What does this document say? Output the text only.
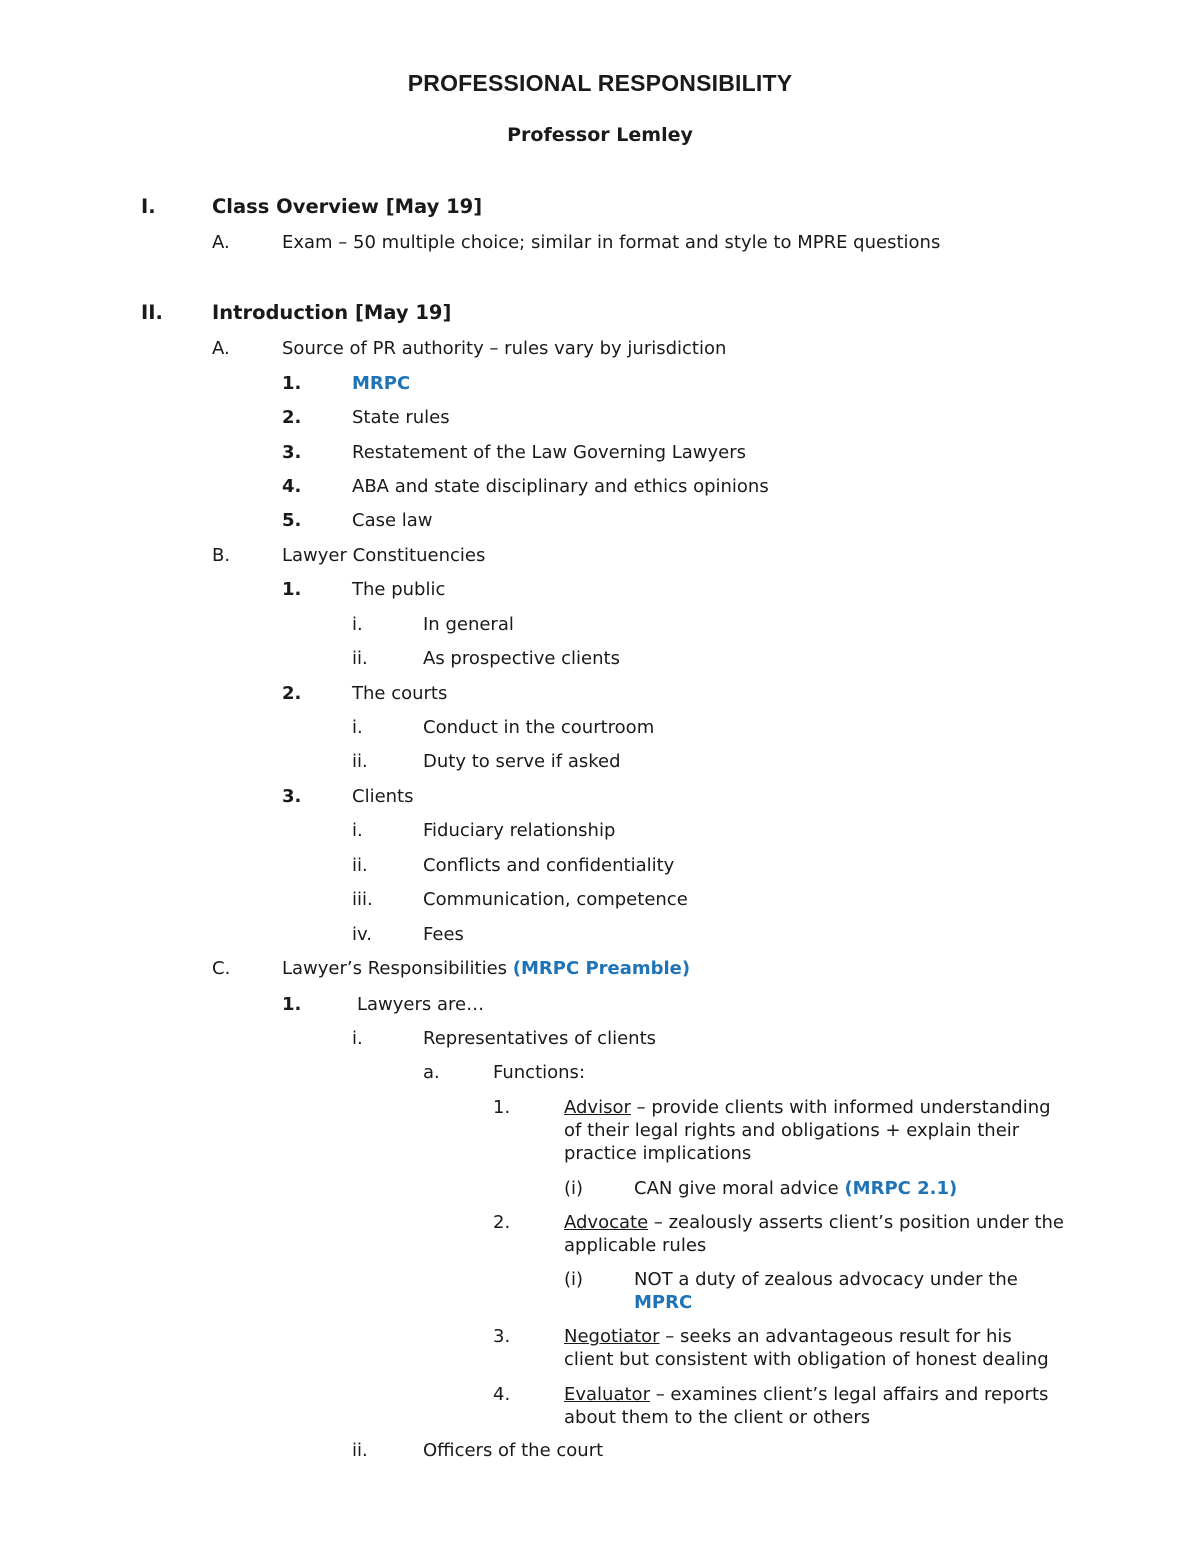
PROFESSIONAL RESPONSIBILITY
Professor Lemley
I.	Class Overview [May 19]
A.	Exam – 50 multiple choice; similar in format and style to MPRE questions
II.	Introduction [May 19]
A.	Source of PR authority – rules vary by jurisdiction
1.	MRPC
2.	State rules
3.	Restatement of the Law Governing Lawyers
4.	ABA and state disciplinary and ethics opinions
5.	Case law
B.	Lawyer Constituencies
1.	The public
i.	In general
ii.	As prospective clients
2.	The courts
i.	Conduct in the courtroom
ii.	Duty to serve if asked
3.	Clients
i.	Fiduciary relationship
ii.	Conflicts and confidentiality
iii.	Communication, competence
iv.	Fees
C.	Lawyer’s Responsibilities (MRPC Preamble)
1.	Lawyers are…
i.	Representatives of clients
a.	Functions:
1.	Advisor – provide clients with informed understanding of their legal rights and obligations + explain their practice implications
(i)	CAN give moral advice (MRPC 2.1)
2.	Advocate – zealously asserts client’s position under the applicable rules
(i)	NOT a duty of zealous advocacy under the MPRC
3.	Negotiator – seeks an advantageous result for his client but consistent with obligation of honest dealing
4.	Evaluator – examines client’s legal affairs and reports about them to the client or others
ii.	Officers of the court
